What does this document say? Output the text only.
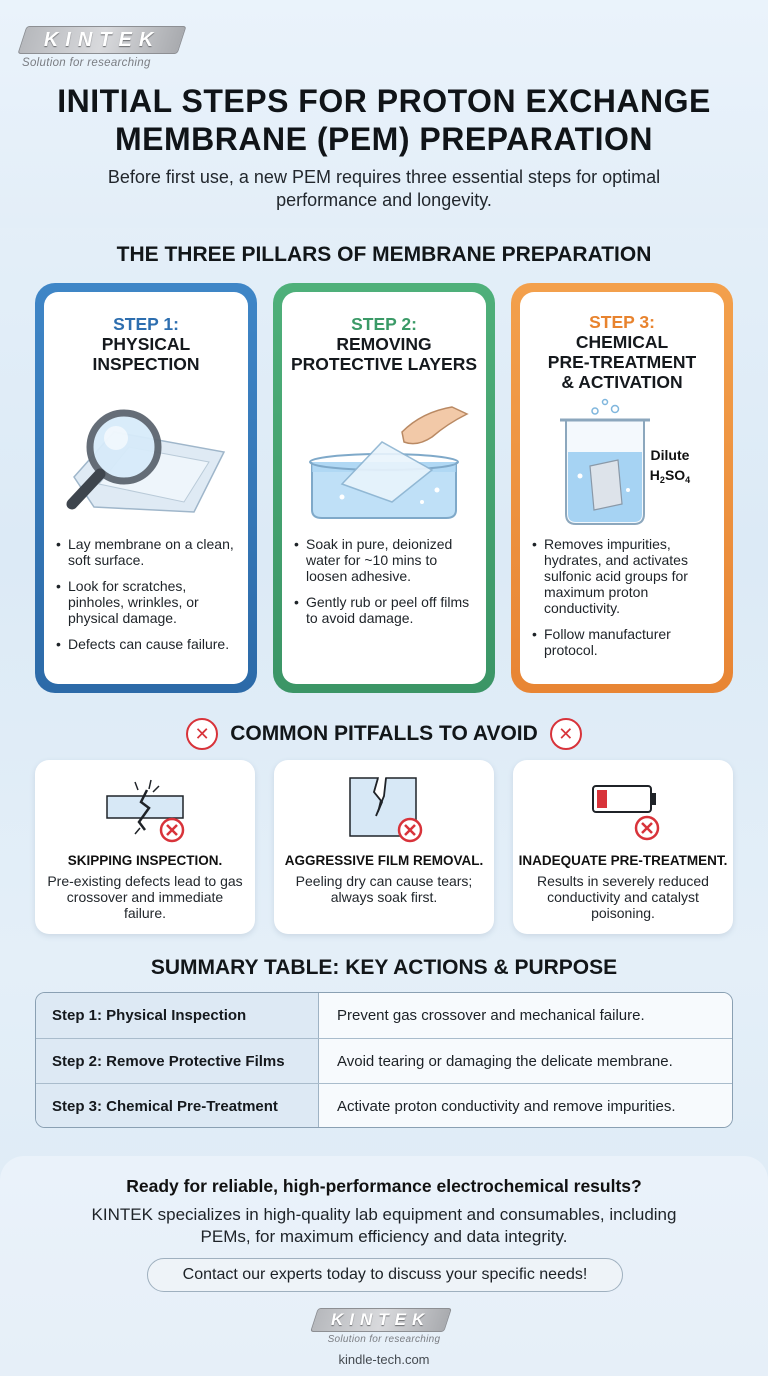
KINTEK
Solution for researching
INITIAL STEPS FOR PROTON EXCHANGE
MEMBRANE (PEM) PREPARATION
Before first use, a new PEM requires three essential steps for optimal performance and longevity.
THE THREE PILLARS OF MEMBRANE PREPARATION
STEP 1:
PHYSICAL
INSPECTION
• Lay membrane on a clean, soft surface.
• Look for scratches, pinholes, wrinkles, or physical damage.
• Defects can cause failure.
STEP 2:
REMOVING
PROTECTIVE LAYERS
• Soak in pure, deionized water for ~10 mins to loosen adhesive.
• Gently rub or peel off films to avoid damage.
STEP 3:
CHEMICAL
PRE-TREATMENT
& ACTIVATION
Dilute
$H_2SO_4$
• Removes impurities, hydrates, and activates sulfonic acid groups for maximum proton conductivity.
• Follow manufacturer protocol.
✕ COMMON PITFALLS TO AVOID	✕
SKIPPING INSPECTION.
Pre-existing defects lead to gas crossover and immediate failure.
AGGRESSIVE FILM REMOVAL.
Peeling dry can cause tears; always soak first.
INADEQUATE PRE-TREATMENT.
Results in severely reduced conductivity and catalyst poisoning.
SUMMARY TABLE: KEY ACTIONS & PURPOSE
Step 1: Physical Inspection	Prevent gas crossover and mechanical failure.
Step 2: Remove Protective Films	Avoid tearing or damaging the delicate membrane.
Step 3: Chemical Pre-Treatment	Activate proton conductivity and remove impurities.
Ready for reliable, high-performance electrochemical results?
KINTEK specializes in high-quality lab equipment and consumables, including PEMs, for maximum efficiency and data integrity.
Contact our experts today to discuss your specific needs!
KINTEK
Solution for researching
kindle-tech.com
